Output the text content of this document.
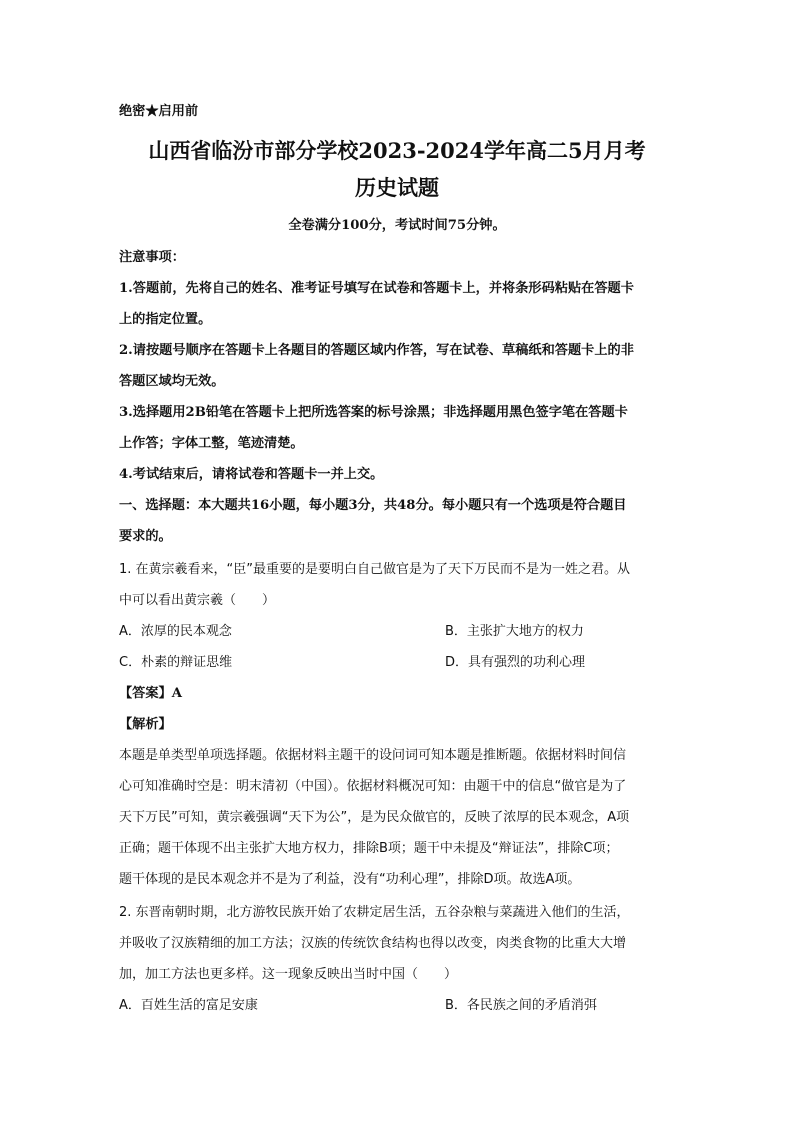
绝密★启用前
山西省临汾市部分学校2023-2024学年高二5月月考
历史试题
全卷满分100分，考试时间75分钟。
注意事项：
1.答题前，先将自己的姓名、准考证号填写在试卷和答题卡上，并将条形码粘贴在答题卡
上的指定位置。
2.请按题号顺序在答题卡上各题目的答题区域内作答，写在试卷、草稿纸和答题卡上的非
答题区域均无效。
3.选择题用2B铅笔在答题卡上把所选答案的标号涂黑；非选择题用黑色签字笔在答题卡
上作答；字体工整，笔迹清楚。
4.考试结束后，请将试卷和答题卡一并上交。
一、选择题：本大题共16小题，每小题3分，共48分。每小题只有一个选项是符合题目
要求的。
1. 在黄宗羲看来，“臣”最重要的是要明白自己做官是为了天下万民而不是为一姓之君。从
中可以看出黄宗羲（　　）
A．浓厚的民本观念	B．主张扩大地方的权力
C．朴素的辩证思维	D．具有强烈的功利心理
【答案】A
【解析】
本题是单类型单项选择题。依据材料主题干的设问词可知本题是推断题。依据材料时间信
心可知准确时空是：明末清初（中国）。依据材料概况可知：由题干中的信息“做官是为了
天下万民”可知，黄宗羲强调“天下为公”，是为民众做官的，反映了浓厚的民本观念，A项
正确；题干体现不出主张扩大地方权力，排除B项；题干中未提及“辩证法”，排除C项；
题干体现的是民本观念并不是为了利益，没有“功利心理”，排除D项。故选A项。
2. 东晋南朝时期，北方游牧民族开始了农耕定居生活，五谷杂粮与菜蔬进入他们的生活，
并吸收了汉族精细的加工方法；汉族的传统饮食结构也得以改变，肉类食物的比重大大增
加，加工方法也更多样。这一现象反映出当时中国（　　）
A．百姓生活的富足安康	B．各民族之间的矛盾消弭
